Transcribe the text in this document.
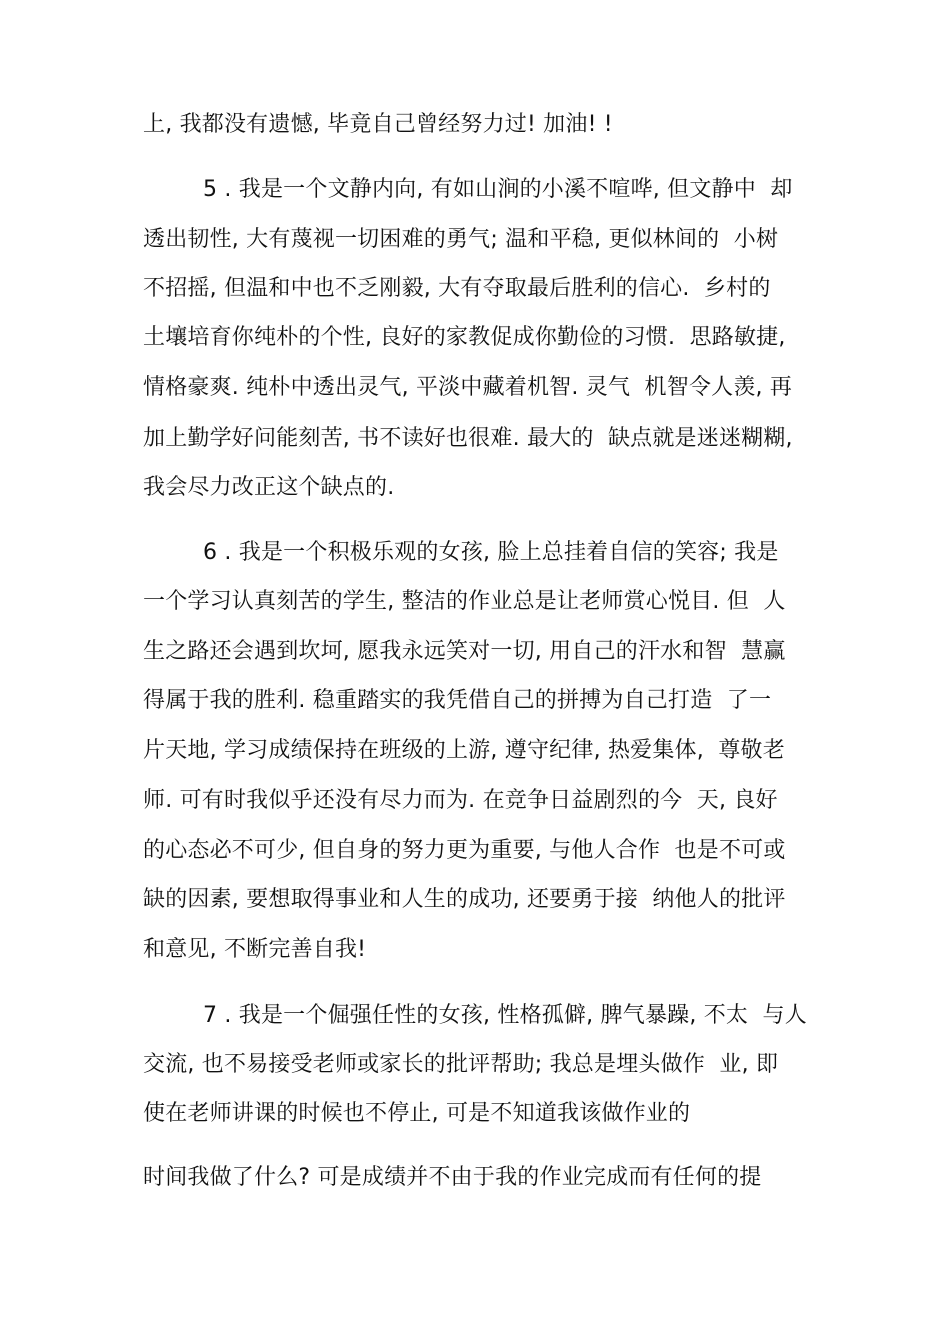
上, 我都没有遗憾, 毕竟自己曾经努力过! 加油! !
5 . 我是一个文静内向, 有如山涧的小溪不喧哗, 但文静中  却
透出韧性, 大有蔑视一切困难的勇气; 温和平稳, 更似林间的  小树
不招摇, 但温和中也不乏刚毅, 大有夺取最后胜利的信心.  乡村的
土壤培育你纯朴的个性, 良好的家教促成你勤俭的习惯.  思路敏捷,
情格豪爽. 纯朴中透出灵气, 平淡中藏着机智. 灵气  机智令人羡, 再
加上勤学好问能刻苦, 书不读好也很难. 最大的  缺点就是迷迷糊糊,
我会尽力改正这个缺点的.
6 . 我是一个积极乐观的女孩, 脸上总挂着自信的笑容; 我是
一个学习认真刻苦的学生, 整洁的作业总是让老师赏心悦目. 但  人
生之路还会遇到坎坷, 愿我永远笑对一切, 用自己的汗水和智  慧赢
得属于我的胜利. 稳重踏实的我凭借自己的拼搏为自己打造  了一
片天地, 学习成绩保持在班级的上游, 遵守纪律, 热爱集体,  尊敬老
师. 可有时我似乎还没有尽力而为. 在竞争日益剧烈的今  天, 良好
的心态必不可少, 但自身的努力更为重要, 与他人合作  也是不可或
缺的因素, 要想取得事业和人生的成功, 还要勇于接  纳他人的批评
和意见, 不断完善自我!
7 . 我是一个倔强任性的女孩, 性格孤僻, 脾气暴躁, 不太  与人
交流, 也不易接受老师或家长的批评帮助; 我总是埋头做作  业, 即
使在老师讲课的时候也不停止, 可是不知道我该做作业的
时间我做了什么? 可是成绩并不由于我的作业完成而有任何的提
